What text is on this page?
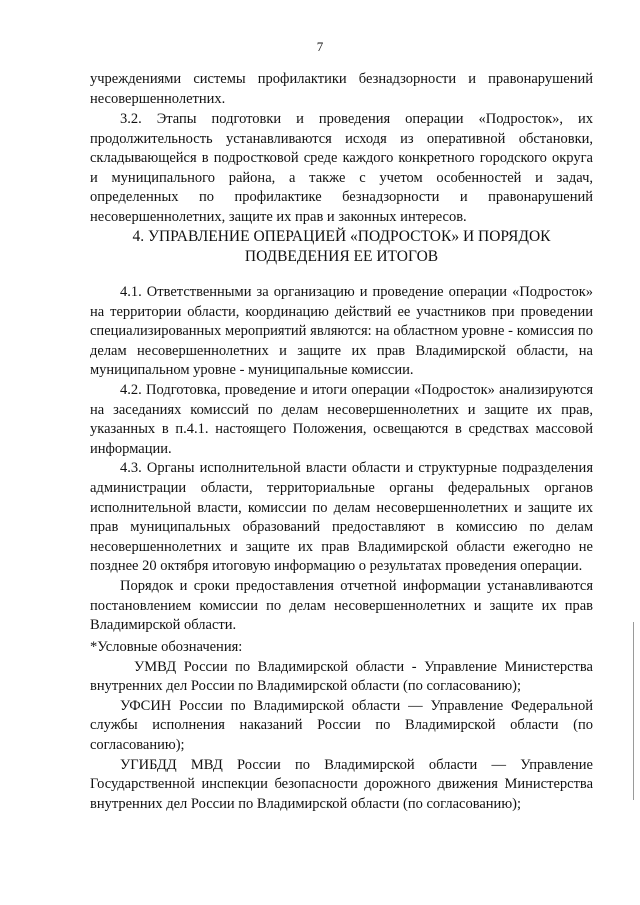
7

учреждениями системы профилактики безнадзорности и правонарушений несовершеннолетних.

3.2. Этапы подготовки и проведения операции «Подросток», их продолжительность устанавливаются исходя из оперативной обстановки, складывающейся в подростковой среде каждого конкретного городского округа и муниципального района, а также с учетом особенностей и задач, определенных по профилактике безнадзорности и правонарушений несовершеннолетних, защите их прав и законных интересов.

4. УПРАВЛЕНИЕ ОПЕРАЦИЕЙ «ПОДРОСТОК» И ПОРЯДОК

ПОДВЕДЕНИЯ ЕЕ ИТОГОВ

4.1. Ответственными за организацию и проведение операции «Подросток» на территории области, координацию действий ее участников при проведении специализированных мероприятий являются: на областном уровне - комиссия по делам несовершеннолетних и защите их прав Владимирской области, на муниципальном уровне - муниципальные комиссии.

4.2. Подготовка, проведение и итоги операции «Подросток» анализируются на заседаниях комиссий по делам несовершеннолетних и защите их прав, указанных в п.4.1. настоящего Положения, освещаются в средствах массовой информации.

4.3. Органы исполнительной власти области и структурные подразделения администрации области, территориальные органы федеральных органов исполнительной власти, комиссии по делам несовершеннолетних и защите их прав муниципальных образований предоставляют в комиссию по делам несовершеннолетних и защите их прав Владимирской области ежегодно не позднее 20 октября итоговую информацию о результатах проведения операции.

Порядок и сроки предоставления отчетной информации устанавливаются постановлением комиссии по делам несовершеннолетних и защите их прав Владимирской области.

*Условные обозначения:

УМВД России по Владимирской области - Управление Министерства внутренних дел России по Владимирской области (по согласованию);

УФСИН России по Владимирской области — Управление Федеральной службы исполнения наказаний России по Владимирской области (по согласованию);

УГИБДД МВД России по Владимирской области — Управление Государственной инспекции безопасности дорожного движения Министерства внутренних дел России по Владимирской области (по согласованию);
